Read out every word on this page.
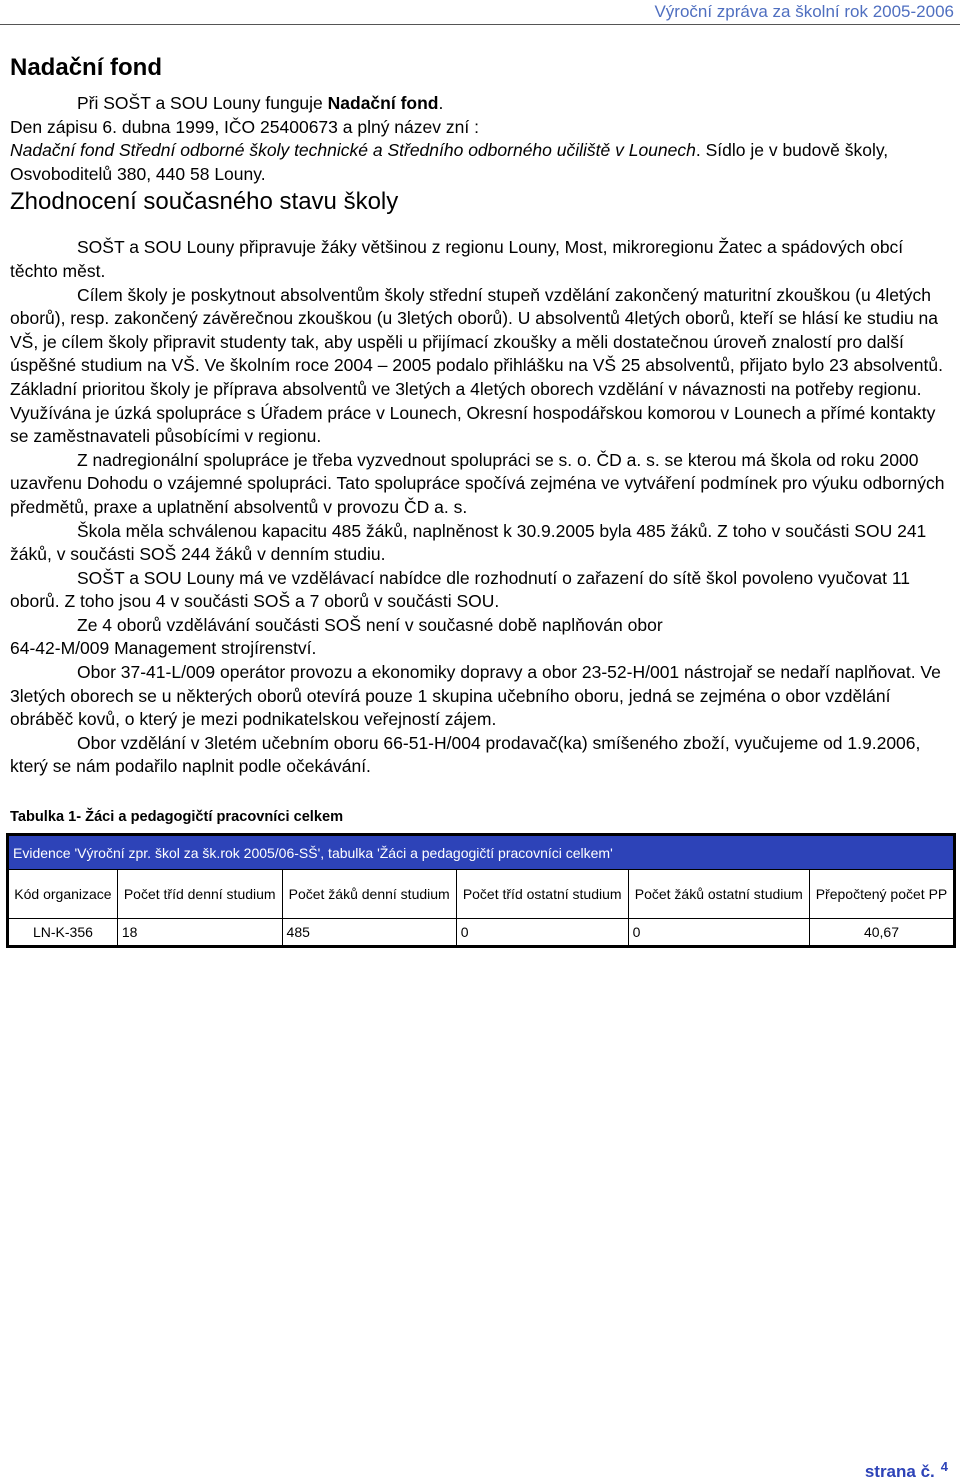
Výroční zpráva za školní rok 2005-2006
Nadační fond

Při SOŠT a SOU Louny funguje Nadační fond.

Den zápisu 6. dubna 1999, IČO 25400673 a plný název zní :

Nadační fond Střední odborné školy technické a Středního odborného učiliště v Lounech. Sídlo je v budově školy, Osvoboditelů 380, 440 58 Louny.

Zhodnocení současného stavu školy

SOŠT a SOU Louny připravuje žáky většinou z regionu Louny, Most, mikroregionu Žatec a spádových obcí těchto měst.

Cílem školy je poskytnout absolventům školy střední stupeň vzdělání zakončený maturitní zkouškou (u 4letých oborů), resp. zakončený závěrečnou zkouškou (u 3letých oborů). U absolventů 4letých oborů, kteří se hlásí ke studiu na VŠ, je cílem školy připravit studenty tak, aby uspěli u přijímací zkoušky a měli dostatečnou úroveň znalostí pro další úspěšné studium na VŠ. Ve školním roce 2004 – 2005 podalo přihlášku na VŠ 25 absolventů, přijato bylo 23 absolventů. Základní prioritou školy je příprava absolventů ve 3letých a 4letých oborech vzdělání v návaznosti na potřeby regionu. Využívána je úzká spolupráce s Úřadem práce v Lounech, Okresní hospodářskou komorou v Lounech a přímé kontakty se zaměstnavateli působícími v regionu.

Z nadregionální spolupráce je třeba vyzvednout spolupráci se s. o. ČD a. s. se kterou má škola od roku 2000 uzavřenu Dohodu o vzájemné spolupráci. Tato spolupráce spočívá zejména ve vytváření podmínek pro výuku odborných předmětů, praxe a uplatnění absolventů v provozu ČD a. s.

Škola měla schválenou kapacitu 485 žáků, naplněnost k 30.9.2005 byla 485 žáků. Z toho v součásti SOU 241 žáků, v součásti SOŠ 244 žáků v denním studiu.

SOŠT a SOU Louny má ve vzdělávací nabídce dle rozhodnutí o zařazení do sítě škol povoleno vyučovat 11 oborů. Z toho jsou 4 v součásti SOŠ a 7 oborů v součásti SOU.

Ze 4 oborů vzdělávání součásti SOŠ není v současné době naplňován obor

64-42-M/009 Management strojírenství.

Obor 37-41-L/009 operátor provozu a ekonomiky dopravy a obor 23-52-H/001 nástrojař se nedaří naplňovat. Ve 3letých oborech se u některých oborů otevírá pouze 1 skupina učebního oboru, jedná se zejména o obor vzdělání obráběč kovů, o který je mezi podnikatelskou veřejností zájem.

Obor vzdělání v 3letém učebním oboru 66-51-H/004 prodavač(ka) smíšeného zboží, vyučujeme od 1.9.2006, který se nám podařilo naplnit podle očekávání.

Tabulka 1- Žáci a pedagogičtí pracovníci celkem
Evidence 'Výroční zpr. škol za šk.rok 2005/06-SŠ', tabulka 'Žáci a pedagogičtí pracovníci celkem'					
Kód organizace	Počet tříd denní studium	Počet žáků denní studium	Počet tříd ostatní studium	Počet žáků ostatní studium	Přepočtený počet PP
LN-K-356	18	485	0	0	40,67
strana č. $^4$
